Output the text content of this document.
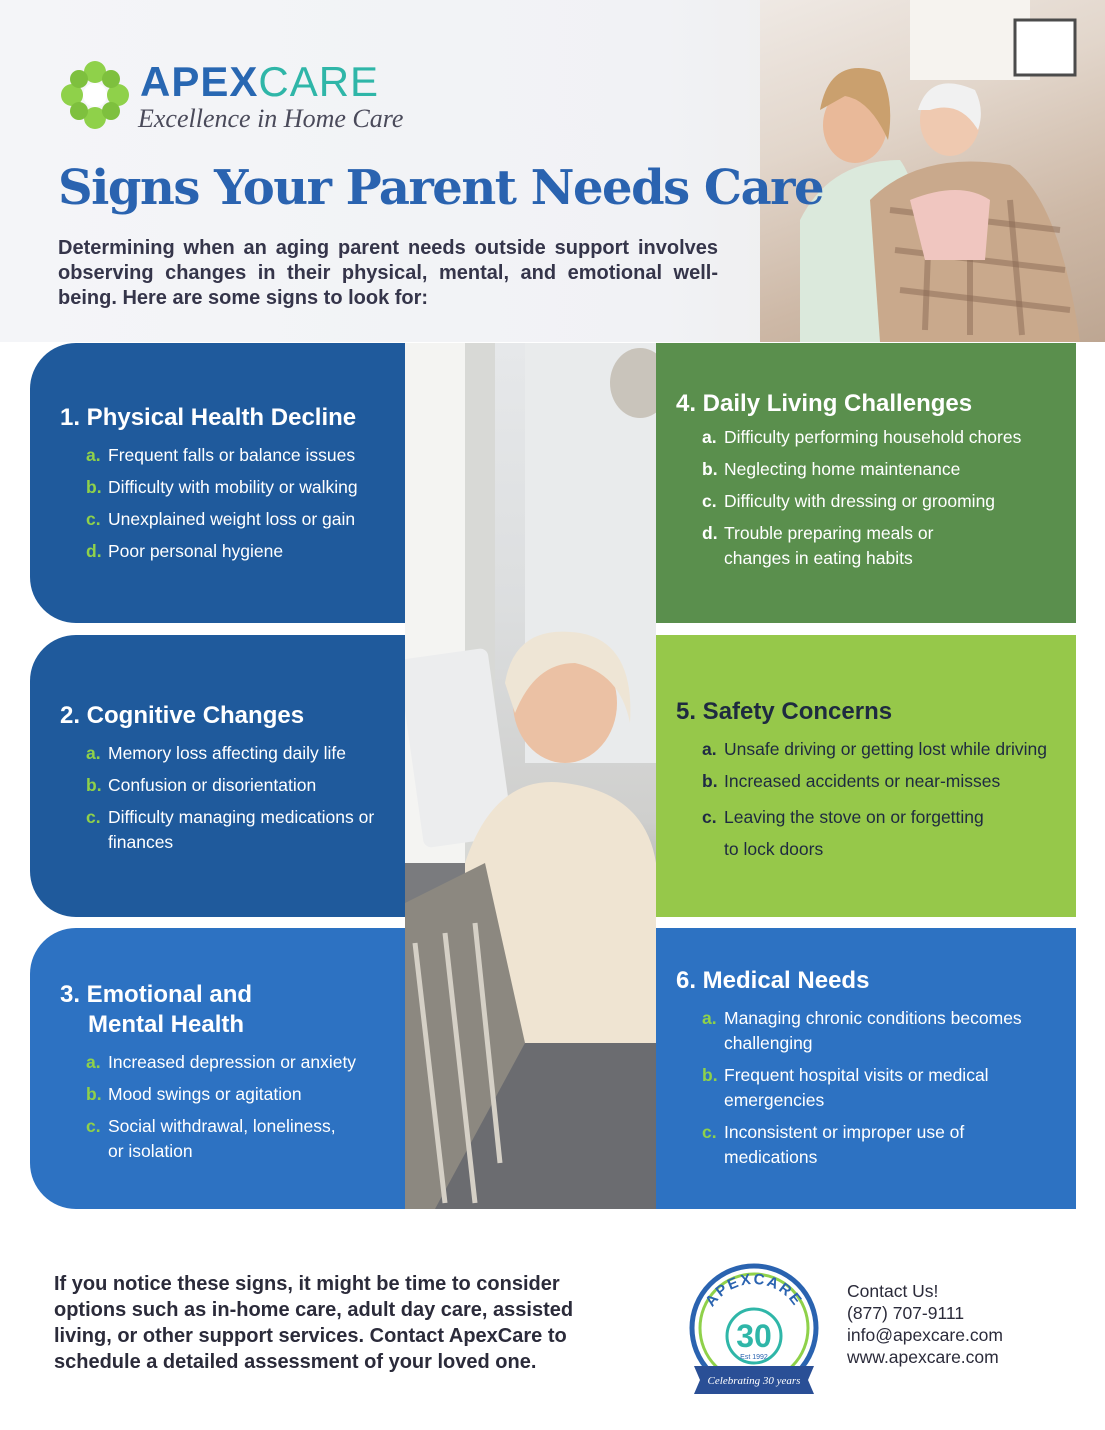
APEXCARE
Excellence in Home Care
Signs Your Parent Needs Care

Determining when an aging parent needs outside support involves observing changes in their physical, mental, and emotional well-being. Here are some signs to look for:

1. Physical Health Decline
a. Frequent falls or balance issues
b. Difficulty with mobility or walking
c. Unexplained weight loss or gain
d. Poor personal hygiene
2. Cognitive Changes
a. Memory loss affecting daily life
b. Confusion or disorientation
c. Difficulty managing medications or finances
3. Emotional and
Mental Health
a. Increased depression or anxiety
b. Mood swings or agitation
c. Social withdrawal, loneliness, or isolation
4. Daily Living Challenges
a. Difficulty performing household chores
b. Neglecting home maintenance
c. Difficulty with dressing or grooming
d. Trouble preparing meals or changes in eating habits
5. Safety Concerns
a. Unsafe driving or getting lost while driving
b. Increased accidents or near-misses
c. Leaving the stove on or forgetting to lock doors
6. Medical Needs
a. Managing chronic conditions becomes challenging
b. Frequent hospital visits or medical emergencies
c. Inconsistent or improper use of medications

If you notice these signs, it might be time to consider options such as in-home care, adult day care, assisted living, or other support services. Contact ApexCare to schedule a detailed assessment of your loved one.

APEXCARE
30
Est 1992
Celebrating 30 years
Contact Us!
(877) 707-9111
info@apexcare.com
www.apexcare.com
